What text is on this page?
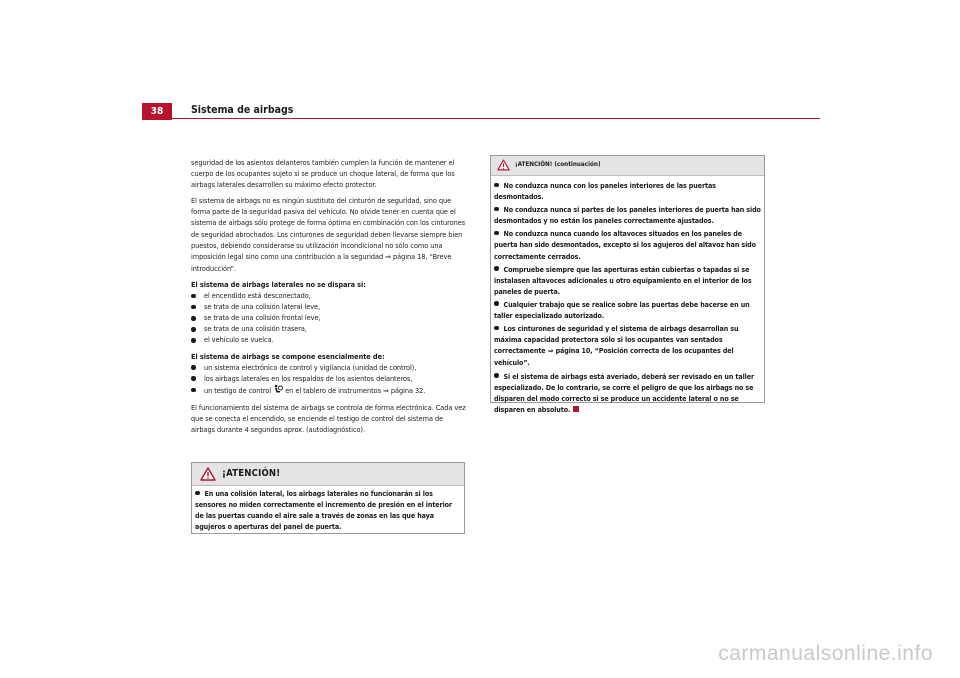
38	Sistema de airbags

seguridad de los asientos delanteros también cumplen la función de mantener el cuerpo de los ocupantes sujeto si se produce un choque lateral, de forma que los airbags laterales desarrollen su máximo efecto protector.

El sistema de airbags no es ningún sustituto del cinturón de seguridad, sino que forma parte de la seguridad pasiva del vehículo. No olvide tener en cuenta que el sistema de airbags sólo protege de forma óptima en combinación con los cinturones de seguridad abrochados. Los cinturones de seguridad deben llevarse siempre bien puestos, debiendo considerarse su utilización incondicional no sólo como una imposición legal sino como una contribución a la seguridad ⇒ página 18, “Breve introducción”.

El sistema de airbags laterales no se dispara si:

el encendido está desconectado,
se trata de una colisión lateral leve,
se trata de una colisión frontal leve,
se trata de una colisión trasera,
el vehículo se vuelca.

El sistema de airbags se compone esencialmente de:

un sistema electrónico de control y vigilancia (unidad de control),
los airbags laterales en los respaldos de los asientos delanteros,
un testigo de control en el tablero de instrumentos ⇒ página 32.

El funcionamiento del sistema de airbags se controla de forma electrónica. Cada vez que se conecta el encendido, se enciende el testigo de control del sistema de airbags durante 4 segundos aprox. (autodiagnóstico).

¡ATENCIÓN!
En una colisión lateral, los airbags laterales no funcionarán si los sensores no miden correctamente el incremento de presión en el interior de las puertas cuando el aire sale a través de zonas en las que haya agujeros o aperturas del panel de puerta.
¡ATENCIÓN! (continuación)
No conduzca nunca con los paneles interiores de las puertas desmontados.
No conduzca nunca si partes de los paneles interiores de puerta han sido desmontados y no están los paneles correctamente ajustados.
No conduzca nunca cuando los altavoces situados en los paneles de puerta han sido desmontados, excepto si los agujeros del altavoz han sido correctamente cerrados.
Compruebe siempre que las aperturas están cubiertas o tapadas si se instalasen altavoces adicionales u otro equipamiento en el interior de los paneles de puerta.
Cualquier trabajo que se realice sobre las puertas debe hacerse en un taller especializado autorizado.
Los cinturones de seguridad y el sistema de airbags desarrollan su máxima capacidad protectora sólo si los ocupantes van sentados correctamente ⇒ página 10, “Posición correcta de los ocupantes del vehículo”.
Si el sistema de airbags está averiado, deberá ser revisado en un taller especializado. De lo contrario, se corre el peligro de que los airbags no se disparen del modo correcto si se produce un accidente lateral o no se disparen en absoluto.
carmanualsonline.info
